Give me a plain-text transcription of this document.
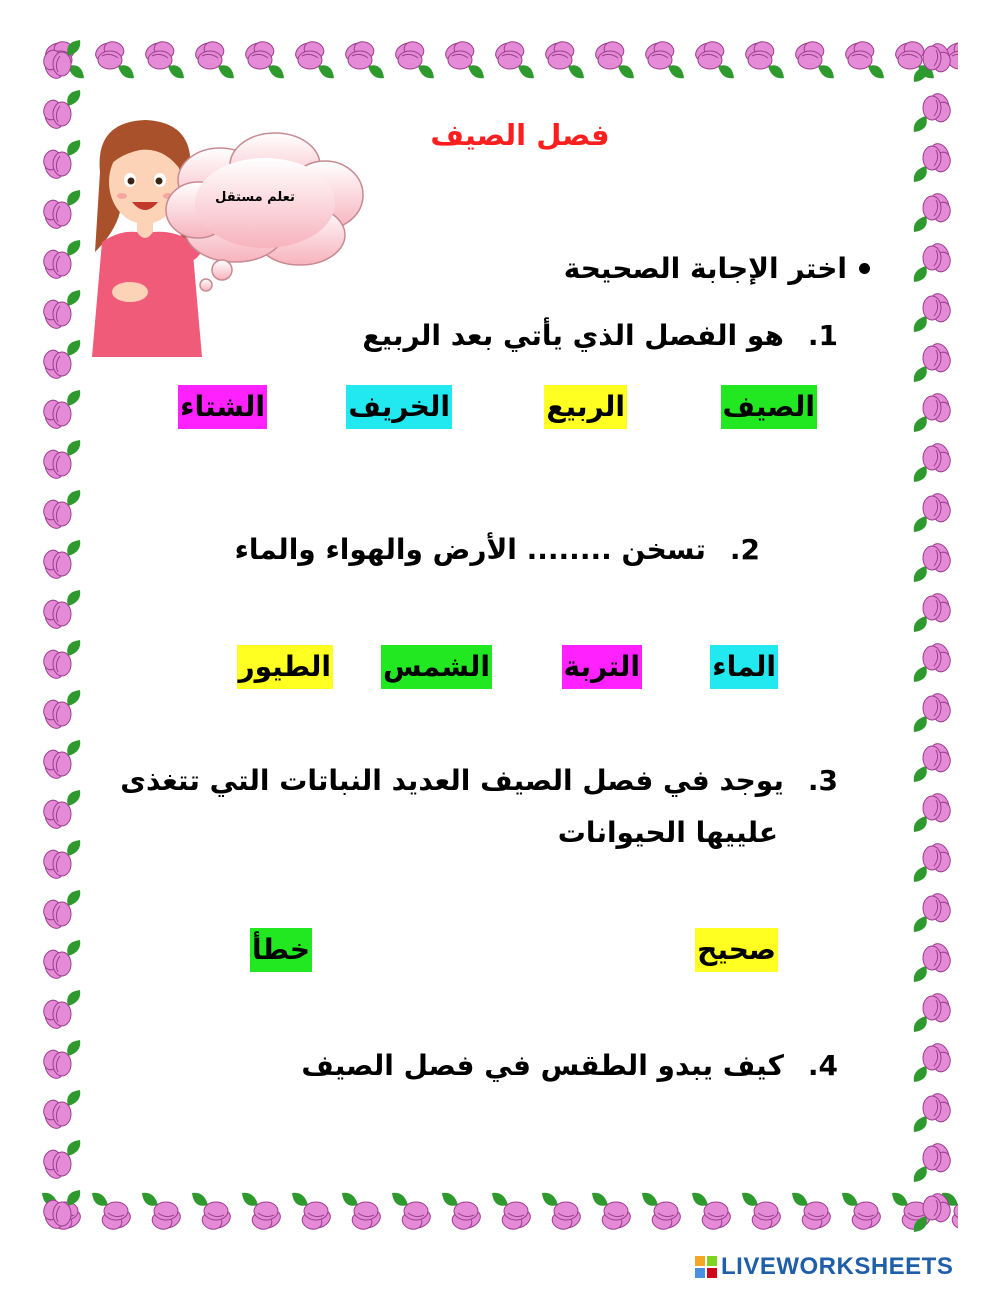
فصل الصيف
تعلم مستقل
اختر الإجابة الصحيحة
1.هو الفصل الذي يأتي بعد الربيع
الصيف
الربيع
الخريف
الشتاء
2.تسخن ........ الأرض والهواء والماء
الماء
التربة
الشمس
الطيور
3.يوجد في فصل الصيف العديد النباتات التي تتغذى
علييها الحيوانات
صحيح
خطأ
4.كيف يبدو الطقس في فصل الصيف
LIVEWORKSHEETS
